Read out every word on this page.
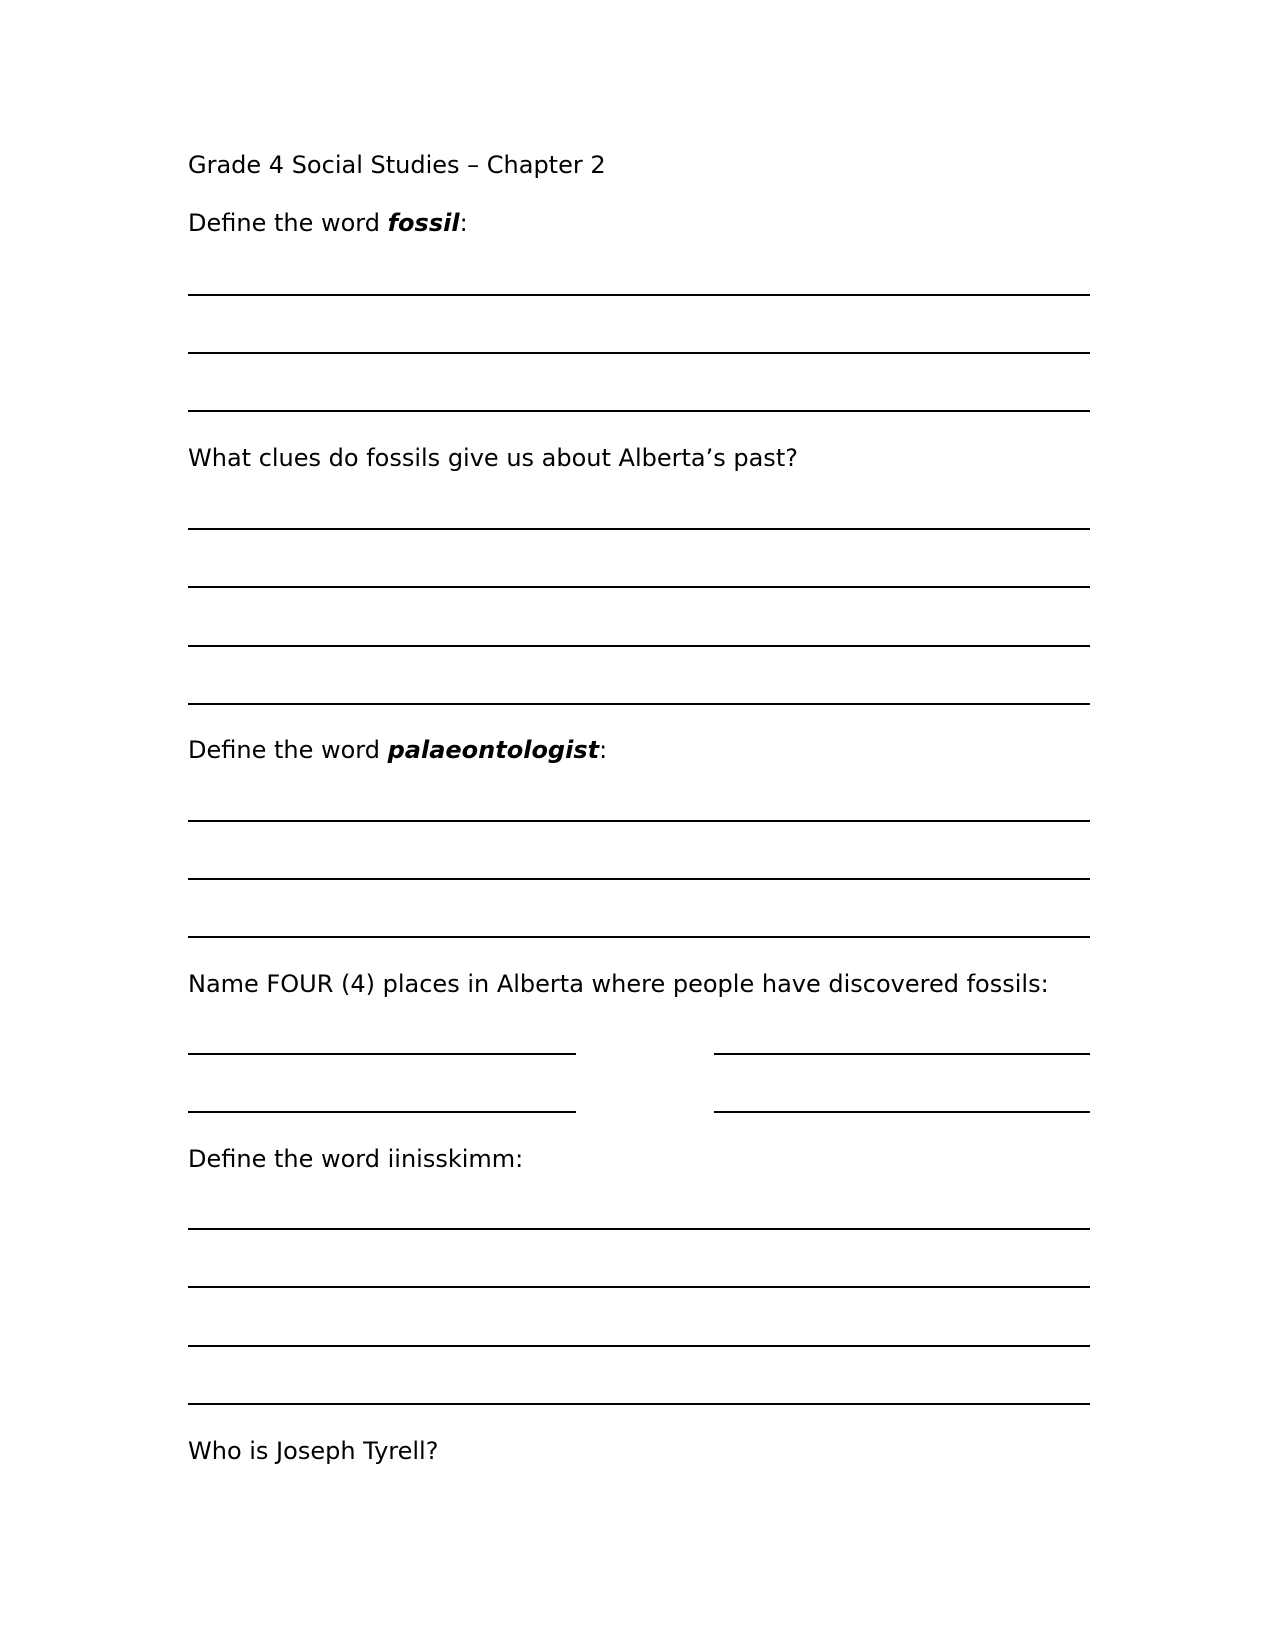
Grade 4 Social Studies – Chapter 2
Define the word fossil:
What clues do fossils give us about Alberta’s past?
Define the word palaeontologist:
Name FOUR (4) places in Alberta where people have discovered fossils:
Define the word iinisskimm:
Who is Joseph Tyrell?
